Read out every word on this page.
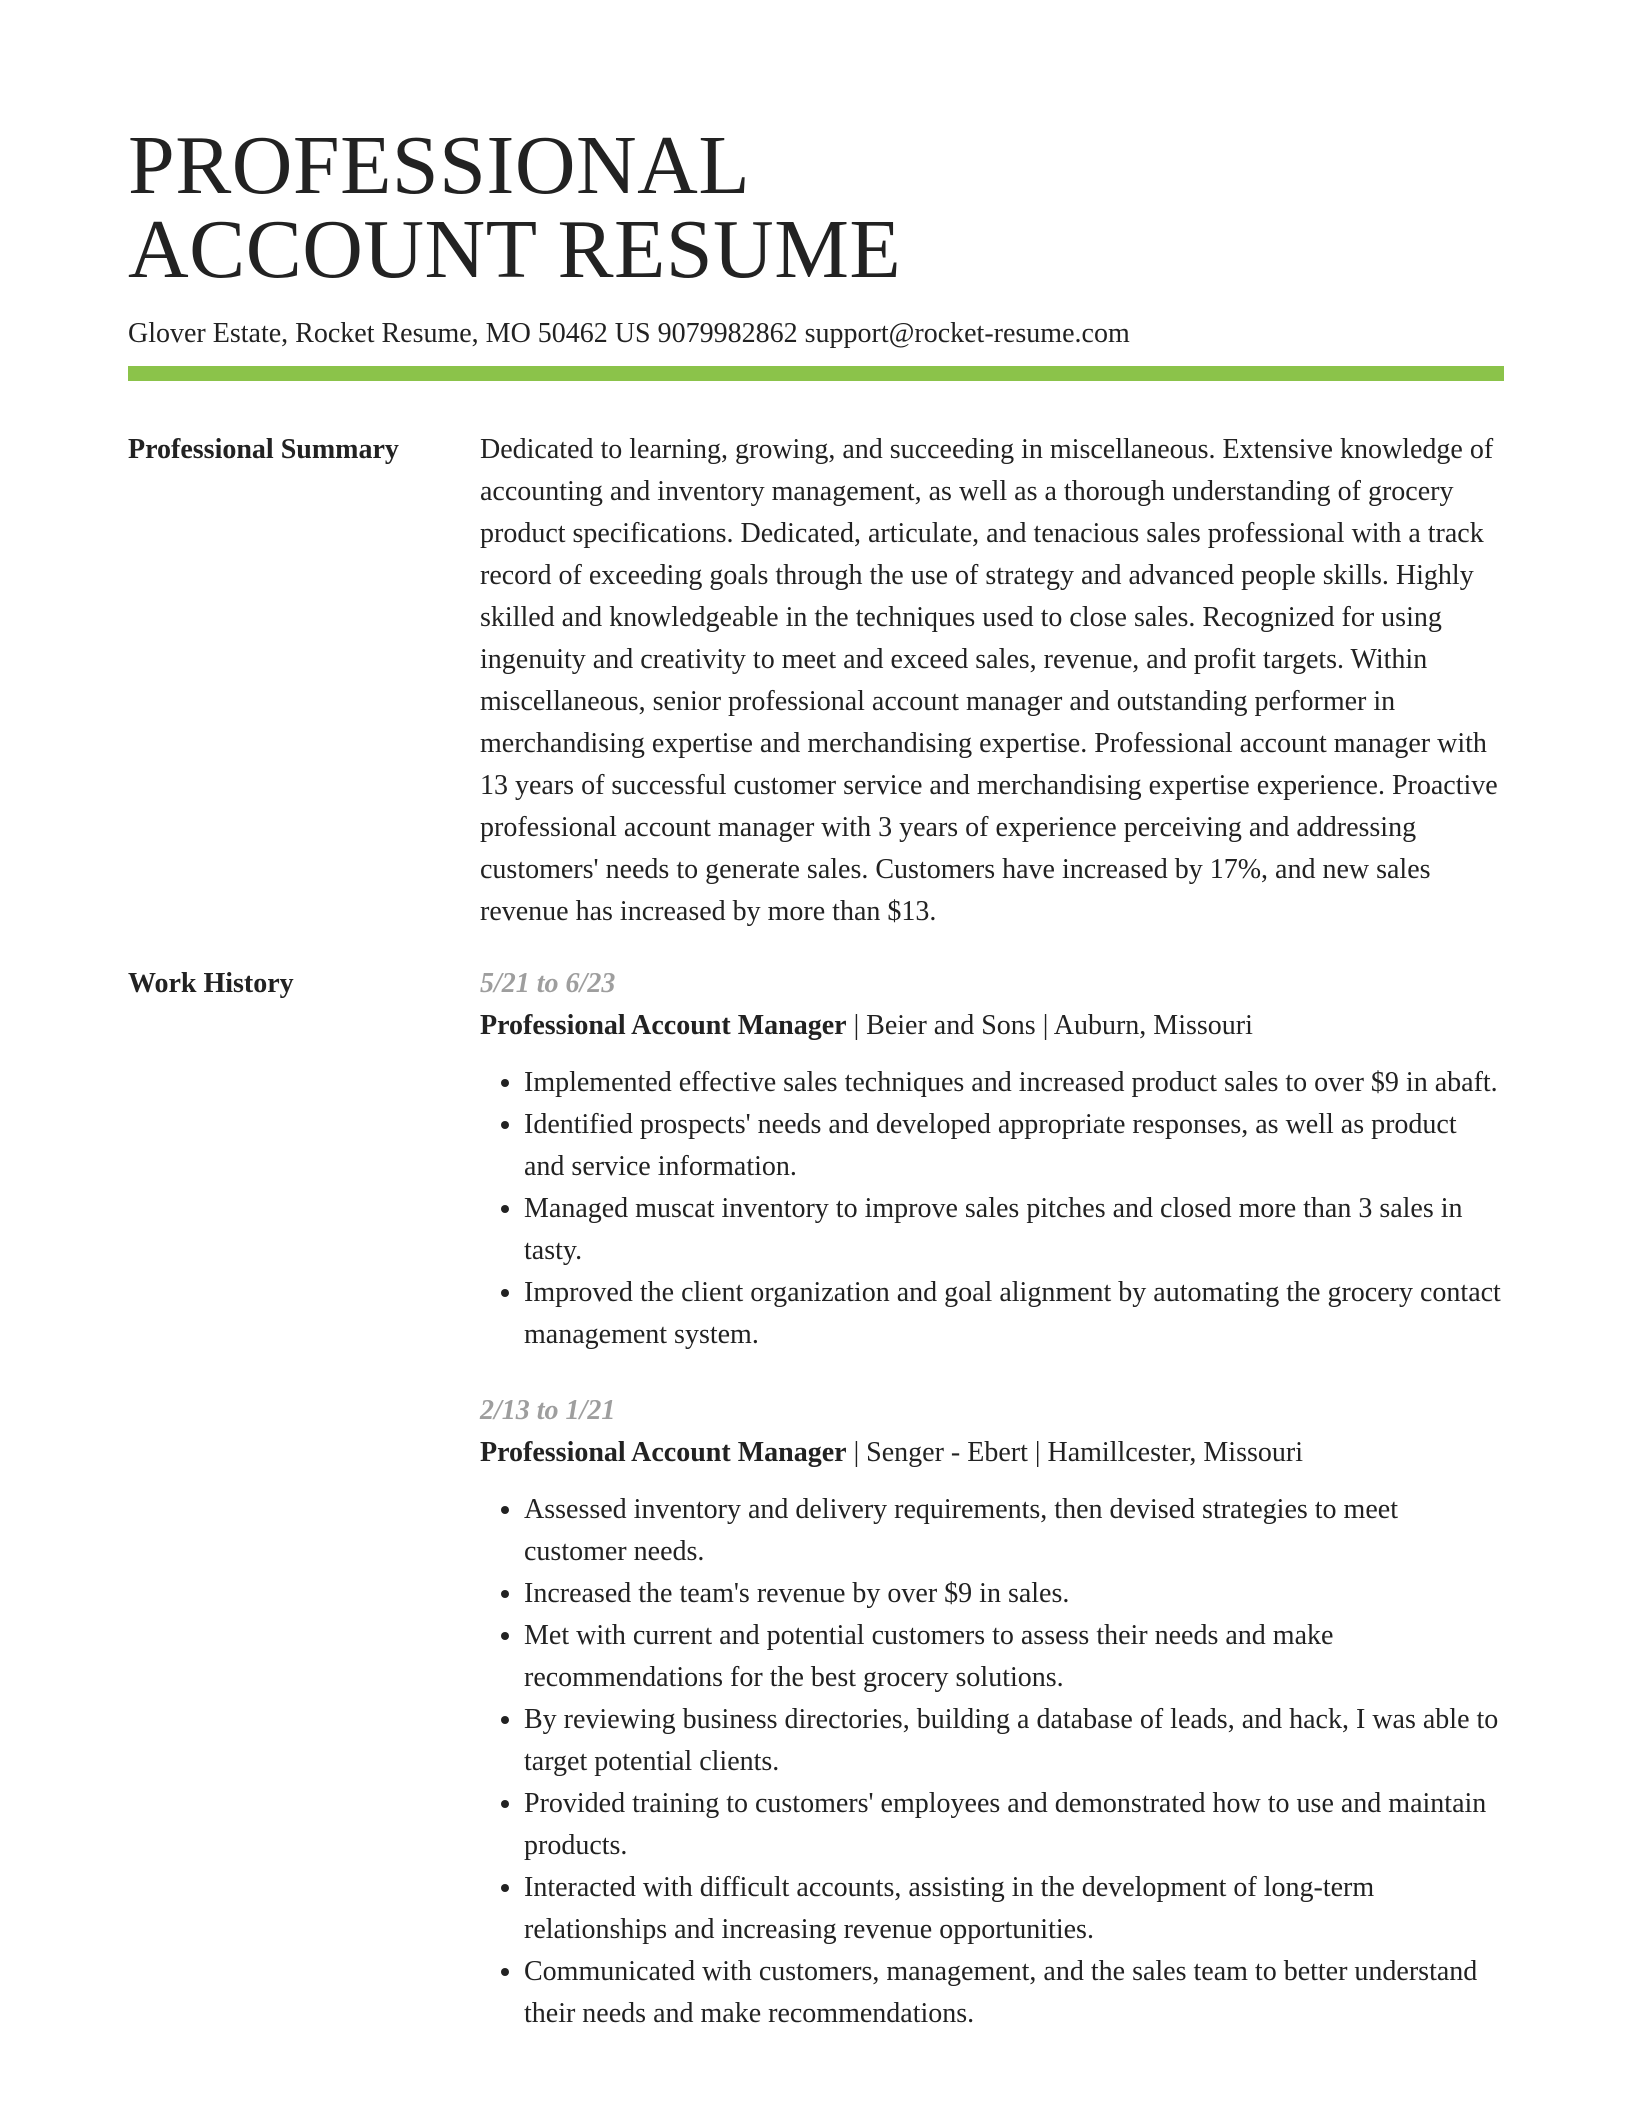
PROFESSIONAL
ACCOUNT RESUME
Glover Estate, Rocket Resume, MO 50462 US 9079982862 support@rocket-resume.com
Professional Summary	Dedicated to learning, growing, and succeeding in miscellaneous. Extensive knowledge of accounting and inventory management, as well as a thorough understanding of grocery product specifications. Dedicated, articulate, and tenacious sales professional with a track record of exceeding goals through the use of strategy and advanced people skills. Highly skilled and knowledgeable in the techniques used to close sales. Recognized for using ingenuity and creativity to meet and exceed sales, revenue, and profit targets. Within miscellaneous, senior professional account manager and outstanding performer in merchandising expertise and merchandising expertise. Professional account manager with 13 years of successful customer service and merchandising expertise experience. Proactive professional account manager with 3 years of experience perceiving and addressing customers' needs to generate sales. Customers have increased by 17%, and new sales revenue has increased by more than $13.

Work History	5/21 to 6/23
Professional Account Manager | Beier and Sons | Auburn, Missouri
• Implemented effective sales techniques and increased product sales to over $9 in abaft.
• Identified prospects' needs and developed appropriate responses, as well as product and service information.
• Managed muscat inventory to improve sales pitches and closed more than 3 sales in tasty.
• Improved the client organization and goal alignment by automating the grocery contact management system.
2/13 to 1/21
Professional Account Manager | Senger - Ebert | Hamillcester, Missouri
• Assessed inventory and delivery requirements, then devised strategies to meet customer needs.
• Increased the team's revenue by over $9 in sales.
• Met with current and potential customers to assess their needs and make recommendations for the best grocery solutions.
• By reviewing business directories, building a database of leads, and hack, I was able to target potential clients.
• Provided training to customers' employees and demonstrated how to use and maintain products.
• Interacted with difficult accounts, assisting in the development of long-term relationships and increasing revenue opportunities.
• Communicated with customers, management, and the sales team to better understand their needs and make recommendations.
